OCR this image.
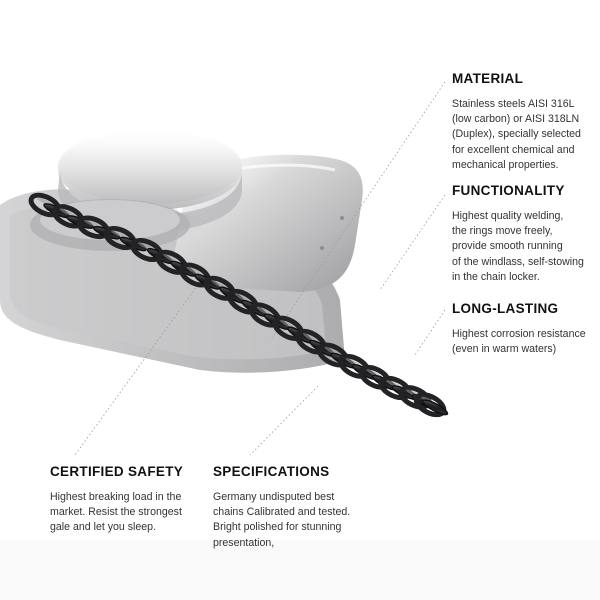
MATERIAL

Stainless steels AISI 316L
(low carbon) or AISI 318LN
(Duplex), specially selected
for excellent chemical and
mechanical properties.

FUNCTIONALITY

Highest quality welding,
the rings move freely,
provide smooth running
of the windlass, self-stowing
in the chain locker.

LONG-LASTING

Highest corrosion resistance
(even in warm waters)

CERTIFIED SAFETY

Highest breaking load in the
market. Resist the strongest
gale and let you sleep.

SPECIFICATIONS

Germany undisputed best
chains Calibrated and tested.
Bright polished for stunning
presentation,
